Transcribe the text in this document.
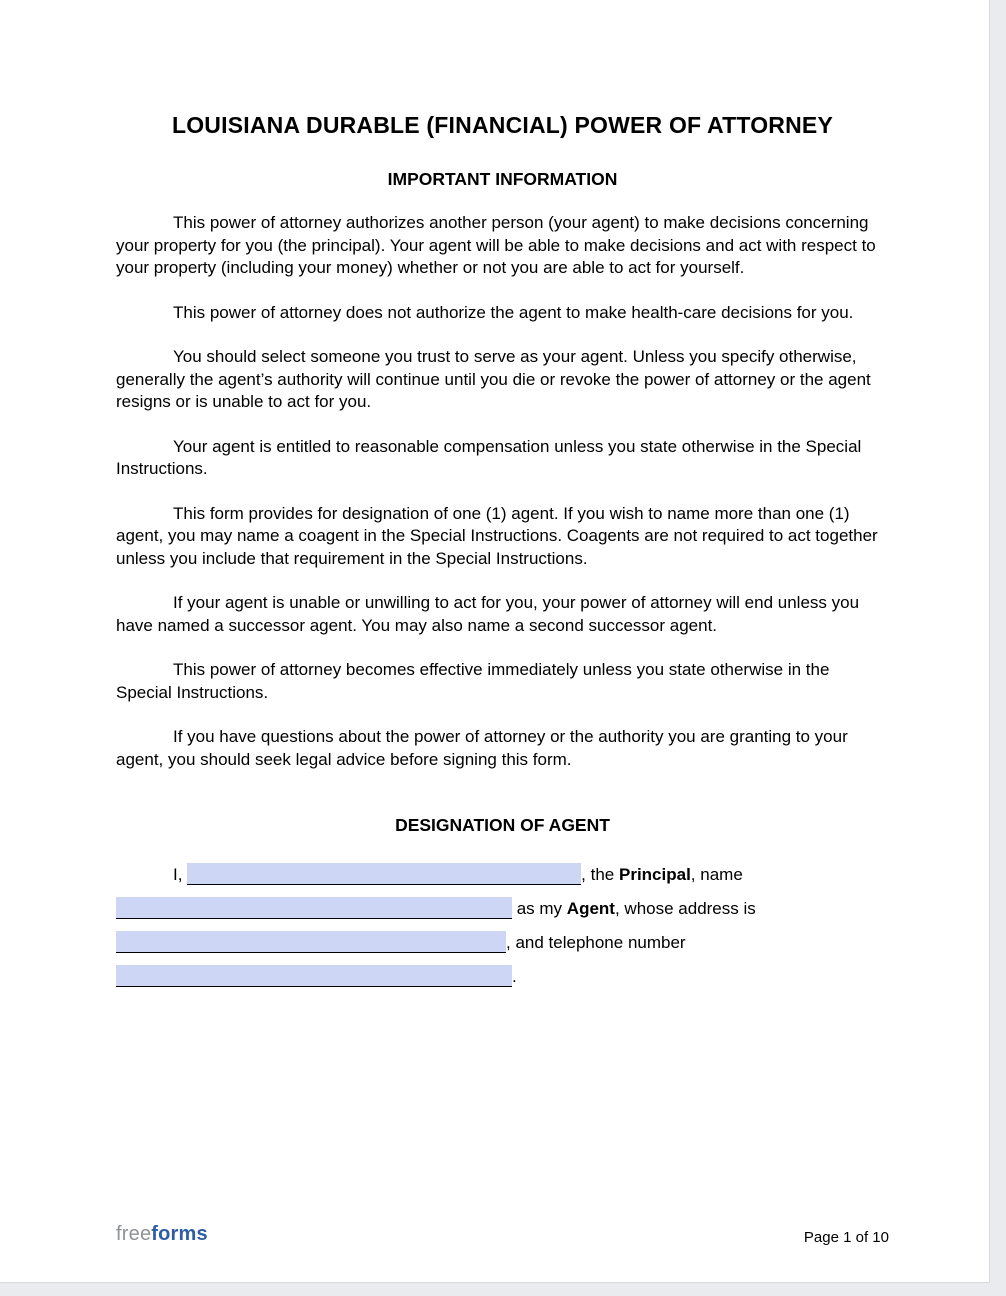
LOUISIANA DURABLE (FINANCIAL) POWER OF ATTORNEY
IMPORTANT INFORMATION

This power of attorney authorizes another person (your agent) to make decisions concerning your property for you (the principal). Your agent will be able to make decisions and act with respect to your property (including your money) whether or not you are able to act for yourself.

This power of attorney does not authorize the agent to make health-care decisions for you.

You should select someone you trust to serve as your agent. Unless you specify otherwise, generally the agent’s authority will continue until you die or revoke the power of attorney or the agent resigns or is unable to act for you.

Your agent is entitled to reasonable compensation unless you state otherwise in the Special Instructions.

This form provides for designation of one (1) agent. If you wish to name more than one (1) agent, you may name a coagent in the Special Instructions. Coagents are not required to act together unless you include that requirement in the Special Instructions.

If your agent is unable or unwilling to act for you, your power of attorney will end unless you have named a successor agent. You may also name a second successor agent.

This power of attorney becomes effective immediately unless you state otherwise in the Special Instructions.

If you have questions about the power of attorney or the authority you are granting to your agent, you should seek legal advice before signing this form.

DESIGNATION OF AGENT

I,	, the Principal, name

as my Agent, whose address is

, and telephone number

.

freeforms	Page 1 of 10
